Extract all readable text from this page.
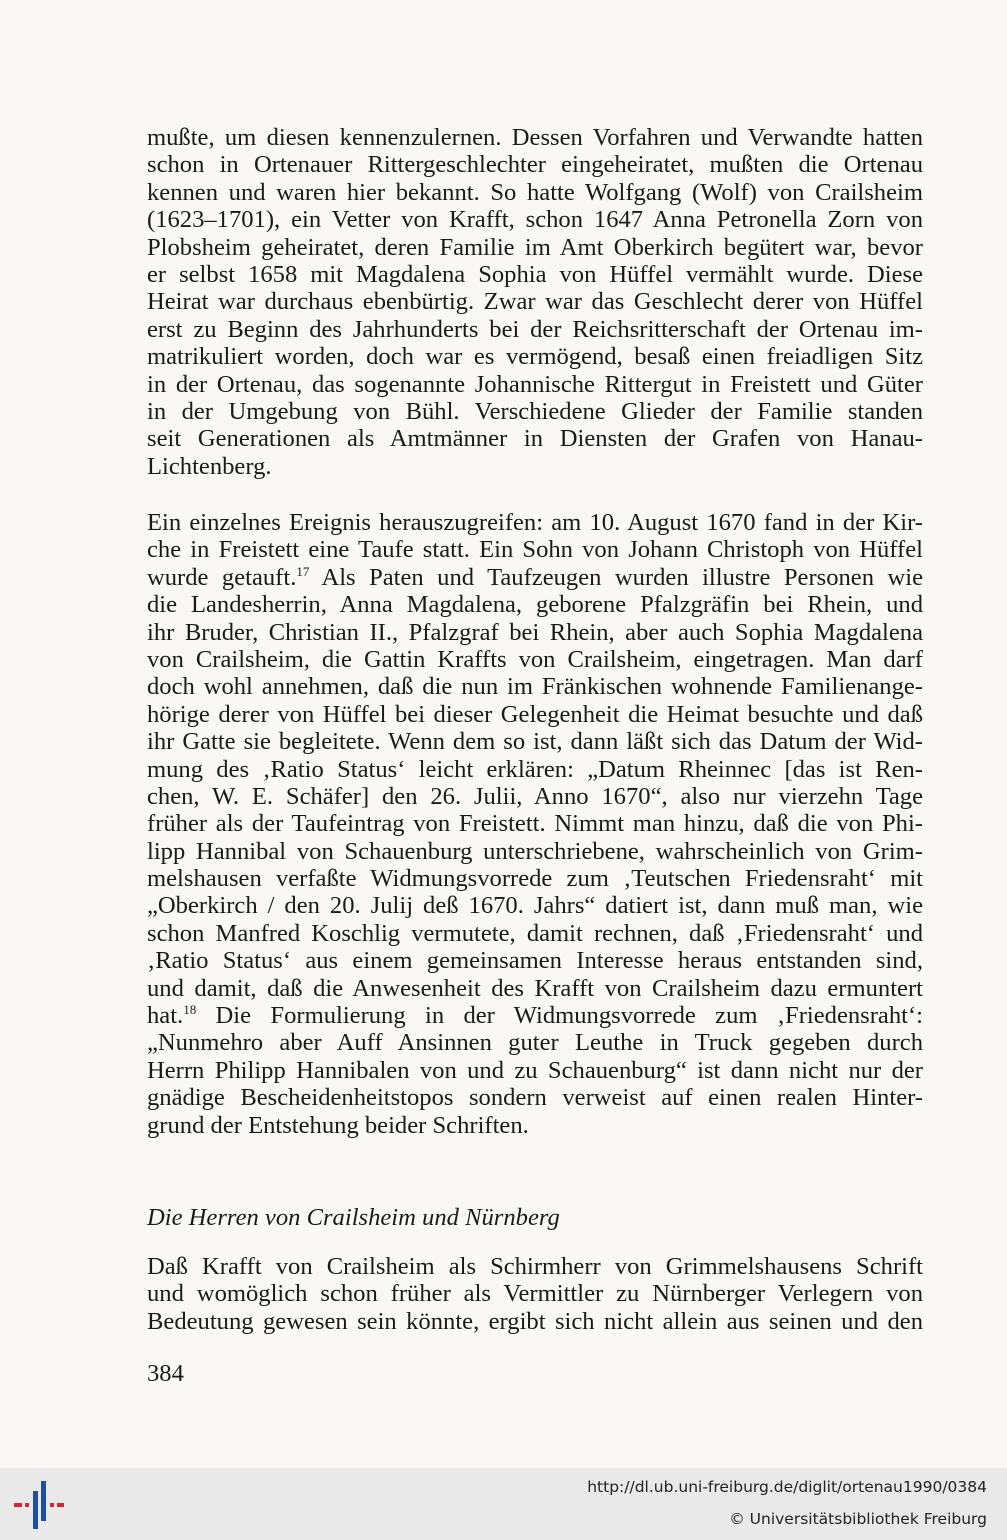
mußte, um diesen kennenzulernen. Dessen Vorfahren und Verwandte hatten
schon in Ortenauer Rittergeschlechter eingeheiratet, mußten die Ortenau
kennen und waren hier bekannt. So hatte Wolfgang (Wolf) von Crailsheim
(1623–1701), ein Vetter von Krafft, schon 1647 Anna Petronella Zorn von
Plobsheim geheiratet, deren Familie im Amt Oberkirch begütert war, bevor
er selbst 1658 mit Magdalena Sophia von Hüffel vermählt wurde. Diese
Heirat war durchaus ebenbürtig. Zwar war das Geschlecht derer von Hüffel
erst zu Beginn des Jahrhunderts bei der Reichsritterschaft der Ortenau im-
matrikuliert worden, doch war es vermögend, besaß einen freiadligen Sitz
in der Ortenau, das sogenannte Johannische Rittergut in Freistett und Güter
in der Umgebung von Bühl. Verschiedene Glieder der Familie standen
seit Generationen als Amtmänner in Diensten der Grafen von Hanau-
Lichtenberg.
Ein einzelnes Ereignis herauszugreifen: am 10. August 1670 fand in der Kir-
che in Freistett eine Taufe statt. Ein Sohn von Johann Christoph von Hüffel
wurde getauft.$^{17}$ Als Paten und Taufzeugen wurden illustre Personen wie
die Landesherrin, Anna Magdalena, geborene Pfalzgräfin bei Rhein, und
ihr Bruder, Christian II., Pfalzgraf bei Rhein, aber auch Sophia Magdalena
von Crailsheim, die Gattin Kraffts von Crailsheim, eingetragen. Man darf
doch wohl annehmen, daß die nun im Fränkischen wohnende Familienange-
hörige derer von Hüffel bei dieser Gelegenheit die Heimat besuchte und daß
ihr Gatte sie begleitete. Wenn dem so ist, dann läßt sich das Datum der Wid-
mung des ‚Ratio Status‘ leicht erklären: „Datum Rheinnec [das ist Ren-
chen, W. E. Schäfer] den 26. Julii, Anno 1670“, also nur vierzehn Tage
früher als der Taufeintrag von Freistett. Nimmt man hinzu, daß die von Phi-
lipp Hannibal von Schauenburg unterschriebene, wahrscheinlich von Grim-
melshausen verfaßte Widmungsvorrede zum ‚Teutschen Friedensraht‘ mit
„Oberkirch / den 20. Julij deß 1670. Jahrs“ datiert ist, dann muß man, wie
schon Manfred Koschlig vermutete, damit rechnen, daß ‚Friedensraht‘ und
‚Ratio Status‘ aus einem gemeinsamen Interesse heraus entstanden sind,
und damit, daß die Anwesenheit des Krafft von Crailsheim dazu ermuntert
hat.$^{18}$ Die Formulierung in der Widmungsvorrede zum ‚Friedensraht‘:
„Nunmehro aber Auff Ansinnen guter Leuthe in Truck gegeben durch
Herrn Philipp Hannibalen von und zu Schauenburg“ ist dann nicht nur der
gnädige Bescheidenheitstopos sondern verweist auf einen realen Hinter-
grund der Entstehung beider Schriften.
Die Herren von Crailsheim und Nürnberg
Daß Krafft von Crailsheim als Schirmherr von Grimmelshausens Schrift
und womöglich schon früher als Vermittler zu Nürnberger Verlegern von
Bedeutung gewesen sein könnte, ergibt sich nicht allein aus seinen und den
384
http://dl.ub.uni-freiburg.de/diglit/ortenau1990/0384
© Universitätsbibliothek Freiburg
